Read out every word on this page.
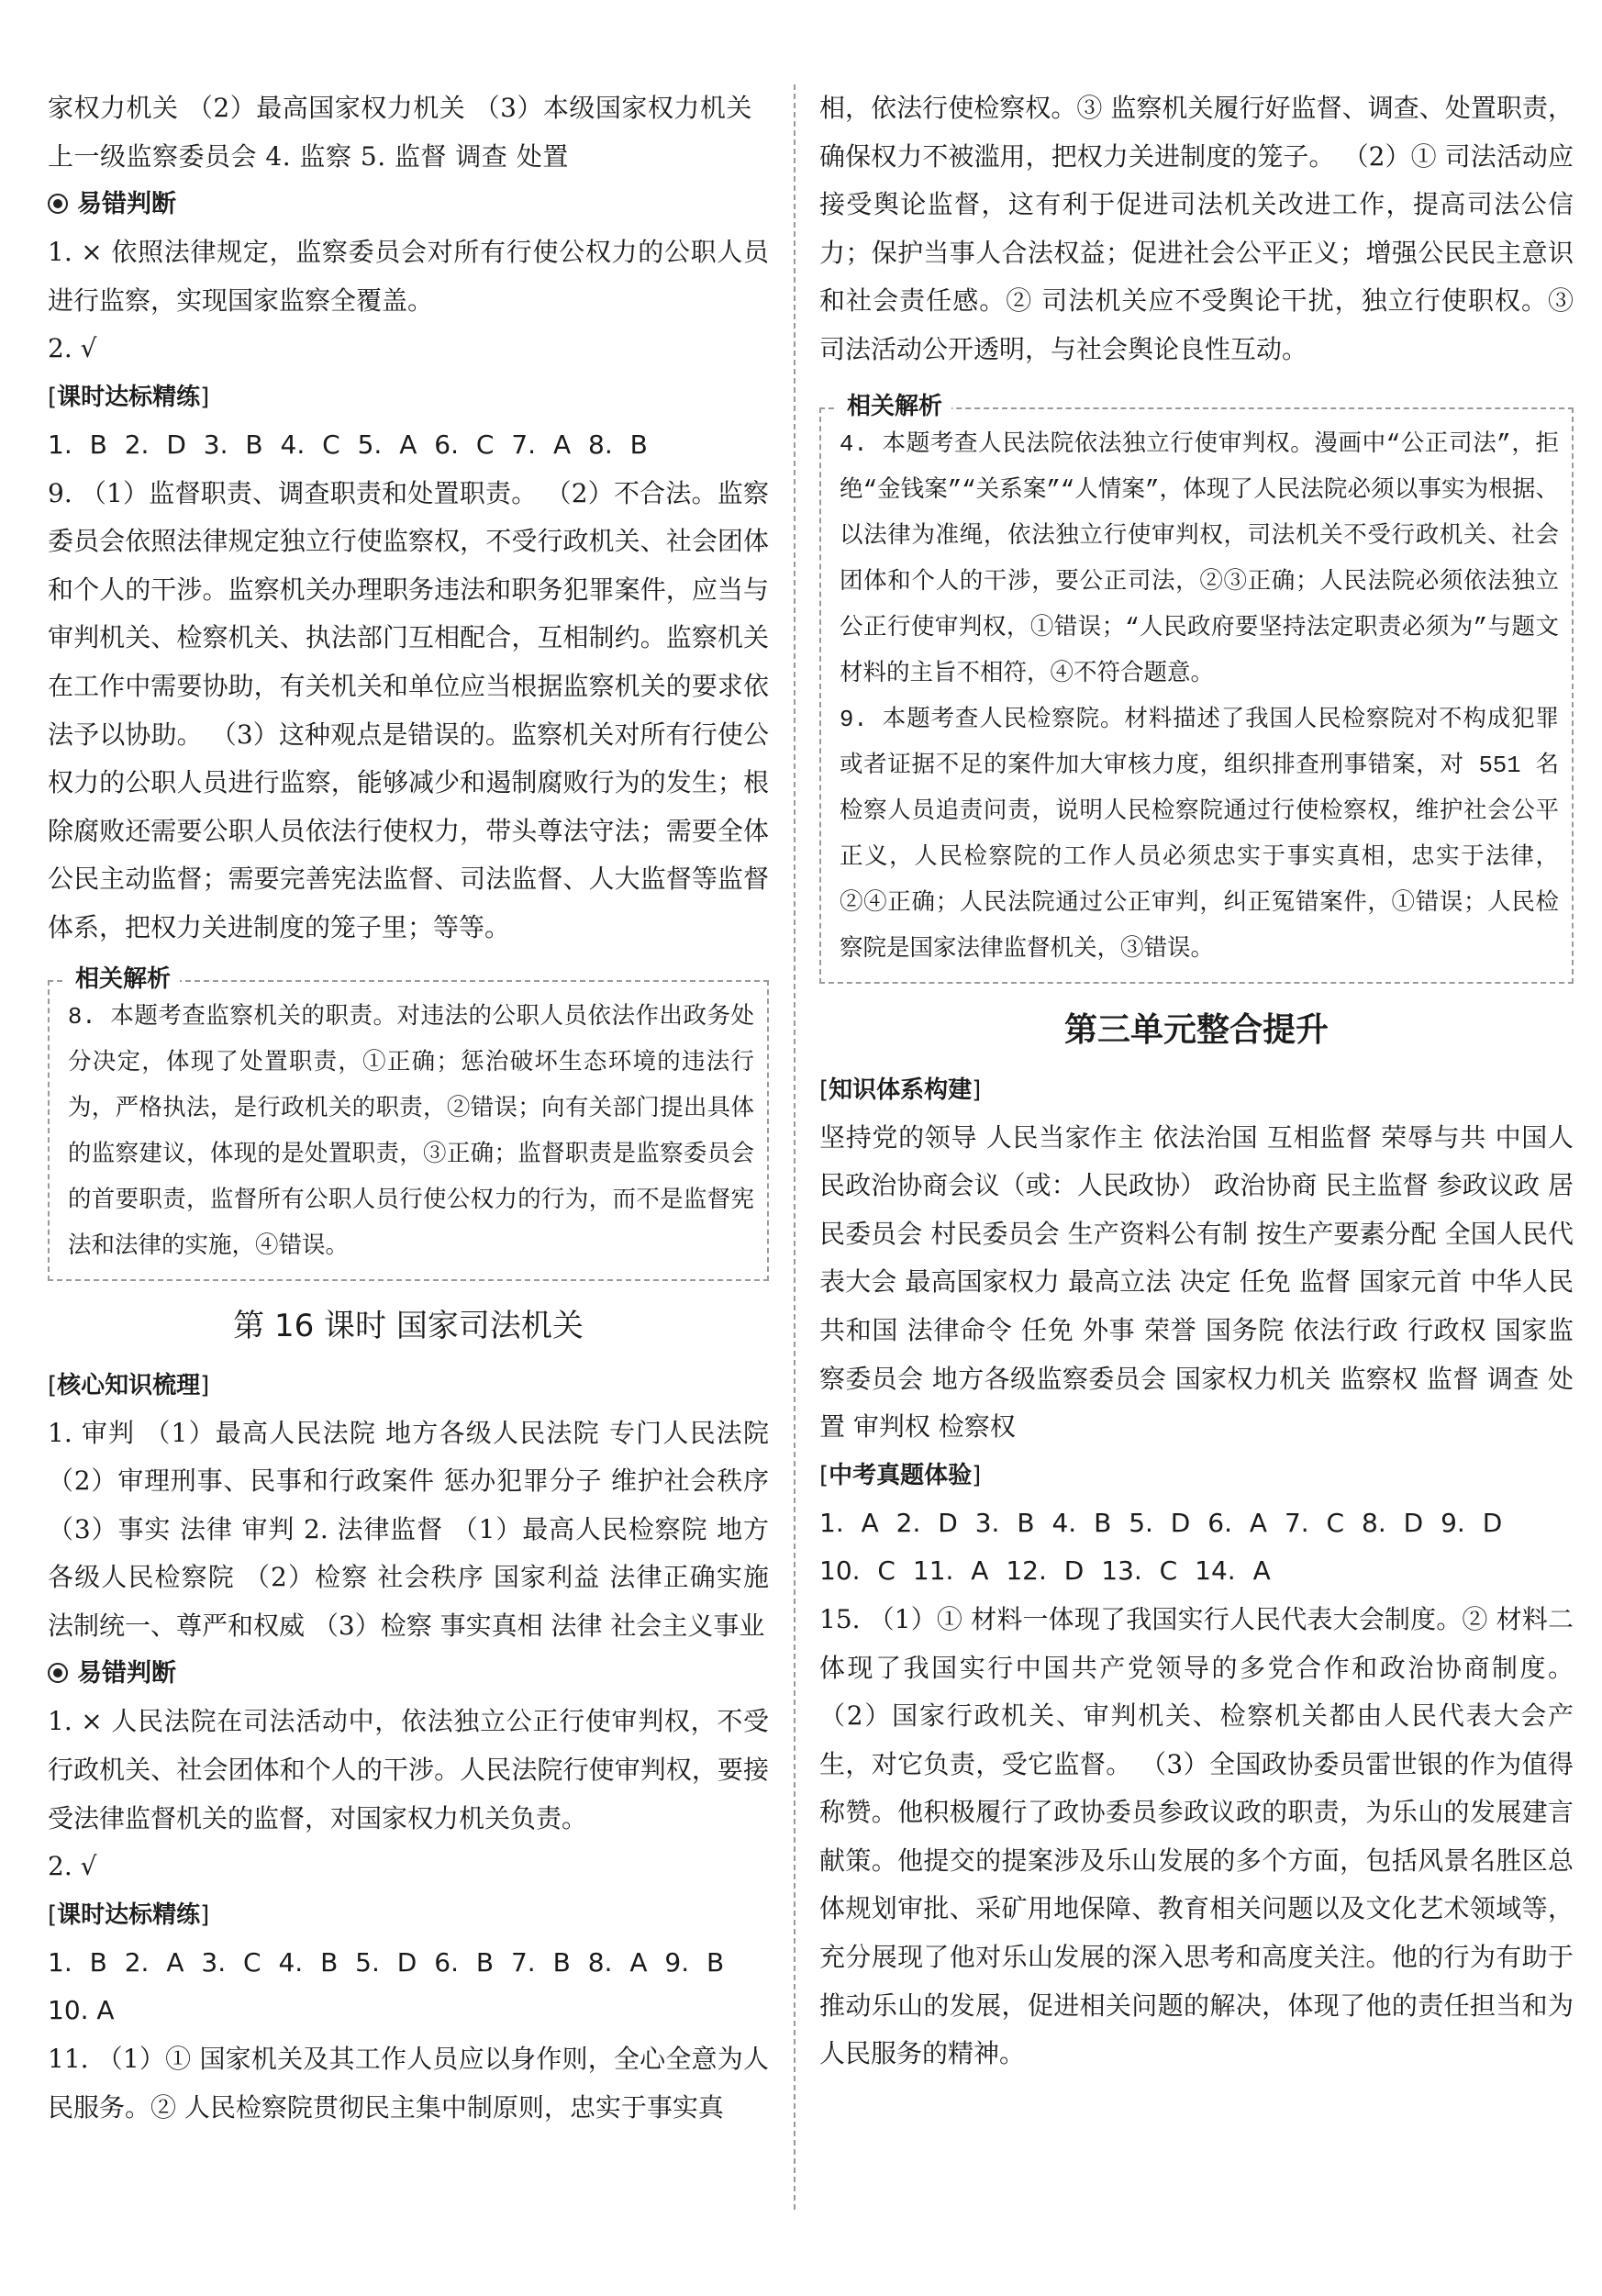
家权力机关 （2）最高国家权力机关 （3）本级国家权力机关

上一级监察委员会 4. 监察 5. 监督 调查 处置

易错判断

1. × 依照法律规定，监察委员会对所有行使公权力的公职人员进行监察，实现国家监察全覆盖。

2. √

[课时达标精练]

1. B 2. D 3. B 4. C 5. A 6. C 7. A 8. B

9. （1）监督职责、调查职责和处置职责。 （2）不合法。监察委员会依照法律规定独立行使监察权，不受行政机关、社会团体和个人的干涉。监察机关办理职务违法和职务犯罪案件，应当与审判机关、检察机关、执法部门互相配合，互相制约。监察机关在工作中需要协助，有关机关和单位应当根据监察机关的要求依法予以协助。 （3）这种观点是错误的。监察机关对所有行使公权力的公职人员进行监察，能够减少和遏制腐败行为的发生；根除腐败还需要公职人员依法行使权力，带头尊法守法；需要全体公民主动监督；需要完善宪法监督、司法监督、人大监督等监督体系，把权力关进制度的笼子里；等等。

相关解析

8. 本题考查监察机关的职责。对违法的公职人员依法作出政务处分决定，体现了处置职责，①正确；惩治破坏生态环境的违法行为，严格执法，是行政机关的职责，②错误；向有关部门提出具体的监察建议，体现的是处置职责，③正确；监督职责是监察委员会的首要职责，监督所有公职人员行使公权力的行为，而不是监督宪法和法律的实施，④错误。

第 16 课时 国家司法机关

[核心知识梳理]

1. 审判 （1）最高人民法院 地方各级人民法院 专门人民法院 （2）审理刑事、民事和行政案件 惩办犯罪分子 维护社会秩序 （3）事实 法律 审判 2. 法律监督 （1）最高人民检察院 地方各级人民检察院 （2）检察 社会秩序 国家利益 法律正确实施 法制统一、尊严和权威 （3）检察 事实真相 法律 社会主义事业

易错判断

1. × 人民法院在司法活动中，依法独立公正行使审判权，不受行政机关、社会团体和个人的干涉。人民法院行使审判权，要接受法律监督机关的监督，对国家权力机关负责。

2. √

[课时达标精练]

1. B 2. A 3. C 4. B 5. D 6. B 7. B 8. A 9. B

10. A

11. （1）① 国家机关及其工作人员应以身作则，全心全意为人民服务。② 人民检察院贯彻民主集中制原则，忠实于事实真

相，依法行使检察权。③ 监察机关履行好监督、调查、处置职责，确保权力不被滥用，把权力关进制度的笼子。 （2）① 司法活动应接受舆论监督，这有利于促进司法机关改进工作，提高司法公信力；保护当事人合法权益；促进社会公平正义；增强公民民主意识和社会责任感。② 司法机关应不受舆论干扰，独立行使职权。③ 司法活动公开透明，与社会舆论良性互动。

相关解析

4. 本题考查人民法院依法独立行使审判权。漫画中“公正司法”，拒绝“金钱案”“关系案”“人情案”，体现了人民法院必须以事实为根据、以法律为准绳，依法独立行使审判权，司法机关不受行政机关、社会团体和个人的干涉，要公正司法，②③正确；人民法院必须依法独立公正行使审判权，①错误；“人民政府要坚持法定职责必须为”与题文材料的主旨不相符，④不符合题意。

9. 本题考查人民检察院。材料描述了我国人民检察院对不构成犯罪或者证据不足的案件加大审核力度，组织排查刑事错案，对 551 名检察人员追责问责，说明人民检察院通过行使检察权，维护社会公平正义，人民检察院的工作人员必须忠实于事实真相，忠实于法律，②④正确；人民法院通过公正审判，纠正冤错案件，①错误；人民检察院是国家法律监督机关，③错误。

第三单元整合提升

[知识体系构建]

坚持党的领导 人民当家作主 依法治国 互相监督 荣辱与共 中国人民政治协商会议（或：人民政协） 政治协商 民主监督 参政议政 居民委员会 村民委员会 生产资料公有制 按生产要素分配 全国人民代表大会 最高国家权力 最高立法 决定 任免 监督 国家元首 中华人民共和国 法律命令 任免 外事 荣誉 国务院 依法行政 行政权 国家监察委员会 地方各级监察委员会 国家权力机关 监察权 监督 调查 处置 审判权 检察权

[中考真题体验]

1. A 2. D 3. B 4. B 5. D 6. A 7. C 8. D 9. D

10. C 11. A 12. D 13. C 14. A

15. （1）① 材料一体现了我国实行人民代表大会制度。② 材料二体现了我国实行中国共产党领导的多党合作和政治协商制度。 （2）国家行政机关、审判机关、检察机关都由人民代表大会产生，对它负责，受它监督。 （3）全国政协委员雷世银的作为值得称赞。他积极履行了政协委员参政议政的职责，为乐山的发展建言献策。他提交的提案涉及乐山发展的多个方面，包括风景名胜区总体规划审批、采矿用地保障、教育相关问题以及文化艺术领域等，充分展现了他对乐山发展的深入思考和高度关注。他的行为有助于推动乐山的发展，促进相关问题的解决，体现了他的责任担当和为人民服务的精神。
